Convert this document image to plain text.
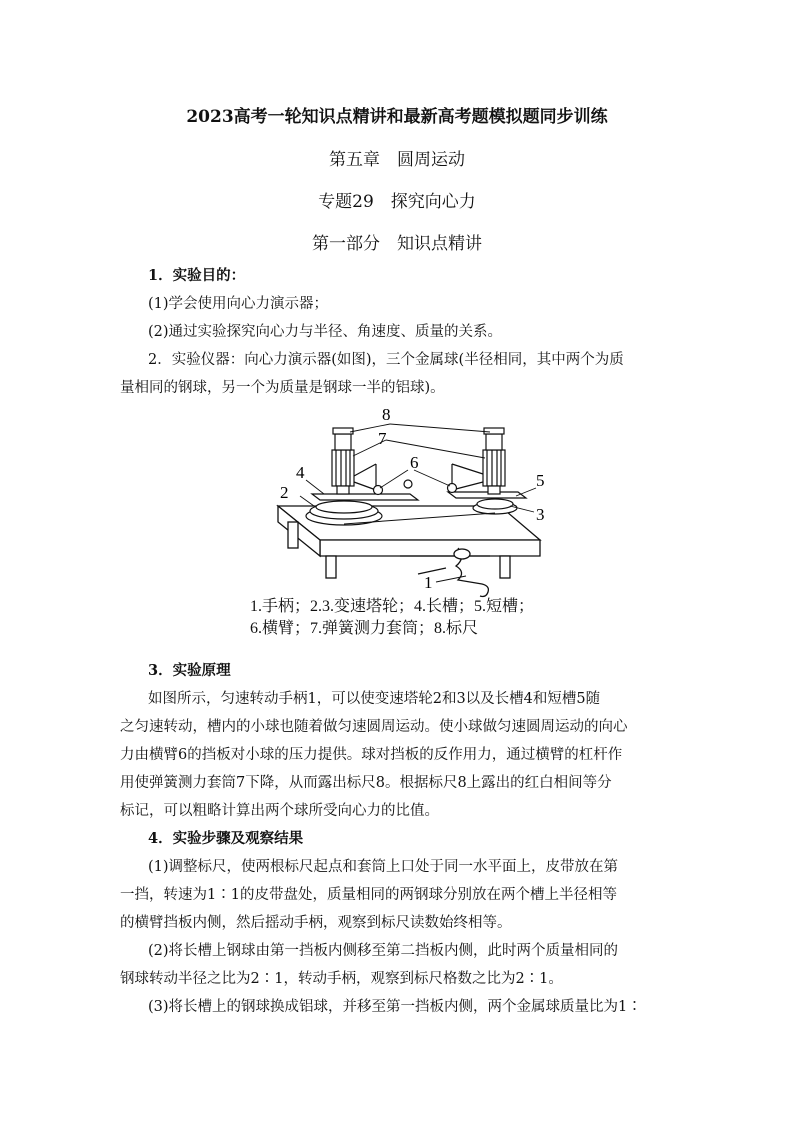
2023高考一轮知识点精讲和最新高考题模拟题同步训练
第五章　圆周运动
专题29　探究向心力
第一部分　知识点精讲
1．实验目的：
(1)学会使用向心力演示器；
(2)通过实验探究向心力与半径、角速度、质量的关系。
2．实验仪器：向心力演示器(如图)，三个金属球(半径相同，其中两个为质
量相同的钢球，另一个为质量是钢球一半的铝球)。
8
7
6
4
2
5
3
1
1.手柄；2.3.变速塔轮；4.长槽；5.短槽；
6.横臂；7.弹簧测力套筒；8.标尺
3．实验原理
如图所示，匀速转动手柄1，可以使变速塔轮2和3以及长槽4和短槽5随
之匀速转动，槽内的小球也随着做匀速圆周运动。使小球做匀速圆周运动的向心
力由横臂6的挡板对小球的压力提供。球对挡板的反作用力，通过横臂的杠杆作
用使弹簧测力套筒7下降，从而露出标尺8。根据标尺8上露出的红白相间等分
标记，可以粗略计算出两个球所受向心力的比值。
4．实验步骤及观察结果
(1)调整标尺，使两根标尺起点和套筒上口处于同一水平面上，皮带放在第
一挡，转速为1∶1的皮带盘处，质量相同的两钢球分别放在两个槽上半径相等
的横臂挡板内侧，然后摇动手柄，观察到标尺读数始终相等。
(2)将长槽上钢球由第一挡板内侧移至第二挡板内侧，此时两个质量相同的
钢球转动半径之比为2∶1，转动手柄，观察到标尺格数之比为2∶1。
(3)将长槽上的钢球换成铝球，并移至第一挡板内侧，两个金属球质量比为1∶
